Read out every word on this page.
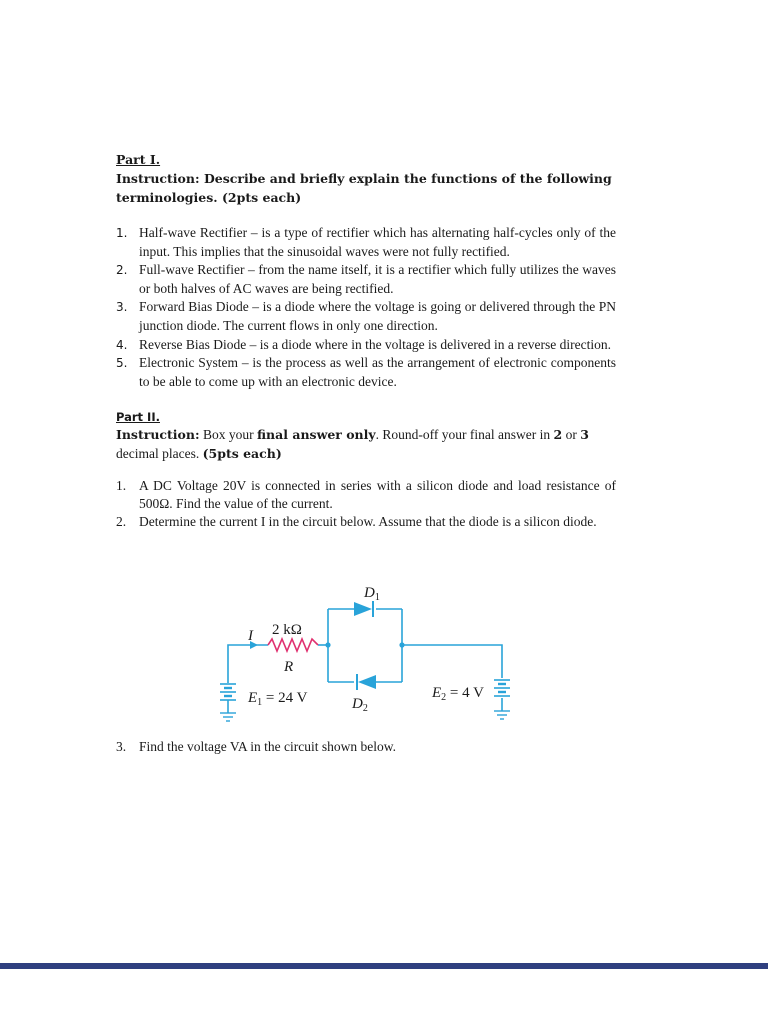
Part I.

Instruction: Describe and briefly explain the functions of the following

terminologies. (2pts each)

1. Half-wave Rectifier – is a type of rectifier which has alternating half-cycles only of the input. This implies that the sinusoidal waves were not fully rectified.
2. Full-wave Rectifier – from the name itself, it is a rectifier which fully utilizes the waves or both halves of AC waves are being rectified.
3. Forward Bias Diode – is a diode where the voltage is going or delivered through the PN junction diode. The current flows in only one direction.
4. Reverse Bias Diode – is a diode where in the voltage is delivered in a reverse direction.
5. Electronic System – is the process as well as the arrangement of electronic components to be able to come up with an electronic device.

Part II.

Instruction: Box your final answer only. Round-off your final answer in 2 or 3 decimal places. (5pts each)

1. A DC Voltage 20V is connected in series with a silicon diode and load resistance of 500Ω. Find the value of the current.
2. Determine the current I in the circuit below. Assume that the diode is a silicon diode.
I 2 kΩ
R
$D_1$
$D_2$
$E_1 = 24$ V	$E_2 = 4$ V
3. Find the voltage VA in the circuit shown below.
